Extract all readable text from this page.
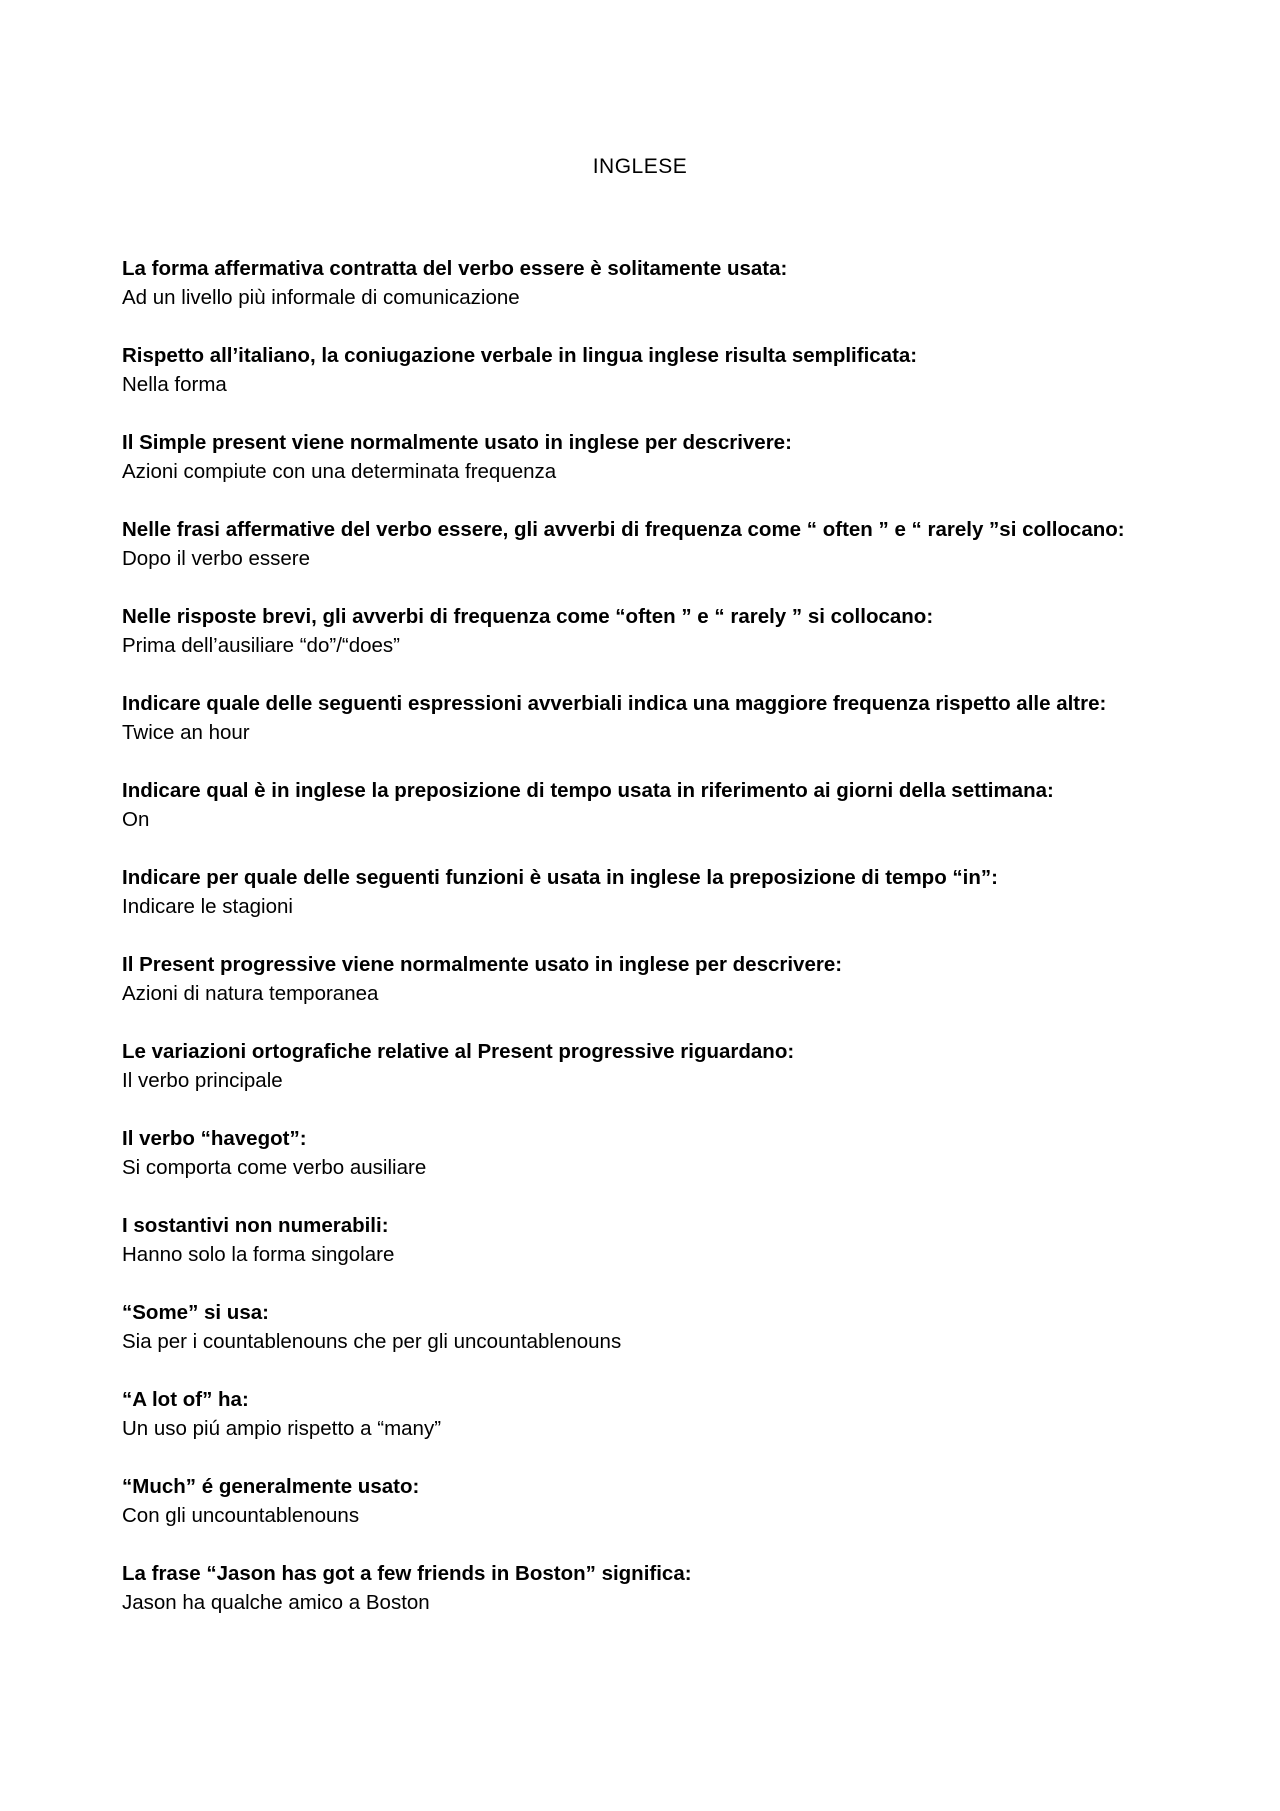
INGLESE
La forma affermativa contratta del verbo essere è solitamente usata:
Ad un livello più informale di comunicazione
Rispetto all’italiano, la coniugazione verbale in lingua inglese risulta semplificata:
Nella forma
Il Simple present viene normalmente usato in inglese per descrivere:
Azioni compiute con una determinata frequenza
Nelle frasi affermative del verbo essere, gli avverbi di frequenza come “ often ” e “ rarely ”si collocano:
Dopo il verbo essere
Nelle risposte brevi, gli avverbi di frequenza come “often ” e “ rarely ” si collocano:
Prima dell’ausiliare “do”/“does”
Indicare quale delle seguenti espressioni avverbiali indica una maggiore frequenza rispetto alle altre:
Twice an hour
Indicare qual è in inglese la preposizione di tempo usata in riferimento ai giorni della settimana:
On
Indicare per quale delle seguenti funzioni è usata in inglese la preposizione di tempo “in”:
Indicare le stagioni
Il Present progressive viene normalmente usato in inglese per descrivere:
Azioni di natura temporanea
Le variazioni ortografiche relative al Present progressive riguardano:
Il verbo principale
Il verbo “havegot”:
Si comporta come verbo ausiliare
I sostantivi non numerabili:
Hanno solo la forma singolare
“Some” si usa:
Sia per i countablenouns che per gli uncountablenouns
“A lot of” ha:
Un uso piú ampio rispetto a “many”
“Much” é generalmente usato:
Con gli uncountablenouns
La frase “Jason has got a few friends in Boston” significa:
Jason ha qualche amico a Boston
